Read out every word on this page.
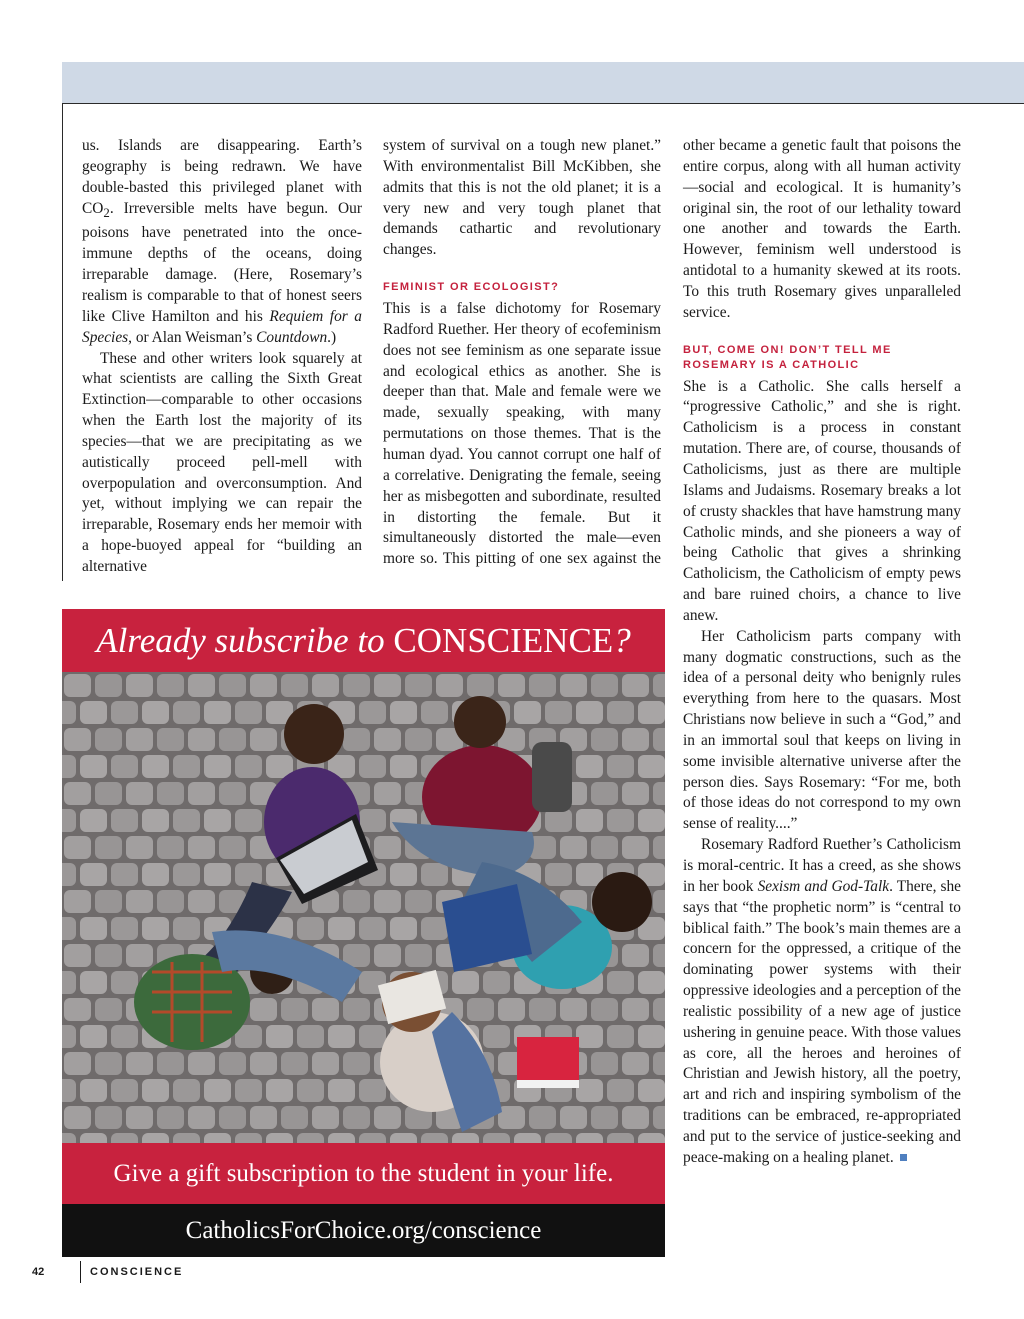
us. Islands are disappearing. Earth’s geography is being redrawn. We have double-basted this privileged planet with $CO_2$. Irreversible melts have begun. Our poisons have penetrated into the once-immune depths of the oceans, doing irreparable damage. (Here, Rosemary’s realism is comparable to that of honest seers like Clive Hamilton and his Requiem for a Species, or Alan Weisman’s Countdown.)

These and other writers look squarely at what scientists are calling the Sixth Great Extinction—comparable to other occasions when the Earth lost the majority of its species—that we are precipitating as we autistically proceed pell-mell with overpopulation and overconsumption. And yet, without implying we can repair the irreparable, Rosemary ends her memoir with a hope-buoyed appeal for “building an alternative

system of survival on a tough new planet.” With environmentalist Bill McKibben, she admits that this is not the old planet; it is a very new and very tough planet that demands cathartic and revolutionary changes.

FEMINIST OR ECOLOGIST?

This is a false dichotomy for Rosemary Radford Ruether. Her theory of ecofeminism does not see feminism as one separate issue and ecological ethics as another. She is deeper than that. Male and female were we made, sexually speaking, with many permutations on those themes. That is the human dyad. You cannot corrupt one half of a correlative. Denigrating the female, seeing her as misbegotten and subordinate, resulted in distorting the female. But it simultaneously distorted the male—even more so. This pitting of one sex against the

other became a genetic fault that poisons the entire corpus, along with all human activity—social and ecological. It is humanity’s original sin, the root of our lethality toward one another and towards the Earth. However, feminism well understood is antidotal to a humanity skewed at its roots. To this truth Rosemary gives unparalleled service.

BUT, COME ON! DON’T TELL ME ROSEMARY IS A CATHOLIC

She is a Catholic. She calls herself a “progressive Catholic,” and she is right. Catholicism is a process in constant mutation. There are, of course, thousands of Catholicisms, just as there are multiple Islams and Judaisms. Rosemary breaks a lot of crusty shackles that have hamstrung many Catholic minds, and she pioneers a way of being Catholic that gives a shrinking Catholicism, the Catholicism of empty pews and bare ruined choirs, a chance to live anew.

Her Catholicism parts company with many dogmatic constructions, such as the idea of a personal deity who benignly rules everything from here to the quasars. Most Christians now believe in such a “God,” and in an immortal soul that keeps on living in some invisible alternative universe after the person dies. Says Rosemary: “For me, both of those ideas do not correspond to my own sense of reality....”

Rosemary Radford Ruether’s Catholicism is moral-centric. It has a creed, as she shows in her book Sexism and God-Talk. There, she says that “the prophetic norm” is “central to biblical faith.” The book’s main themes are a concern for the oppressed, a critique of the dominating power systems with their oppressive ideologies and a perception of the realistic possibility of a new age of justice ushering in genuine peace. With those values as core, all the heroes and heroines of Christian and Jewish history, all the poetry, art and rich and inspiring symbolism of the traditions can be embraced, re-appropriated and put to the service of justice-seeking and peace-making on a healing planet.

Already subscribe to CONSCIENCE?
Give a gift subscription to the student in your life.
CatholicsForChoice.org/conscience
42	CONSCIENCE
